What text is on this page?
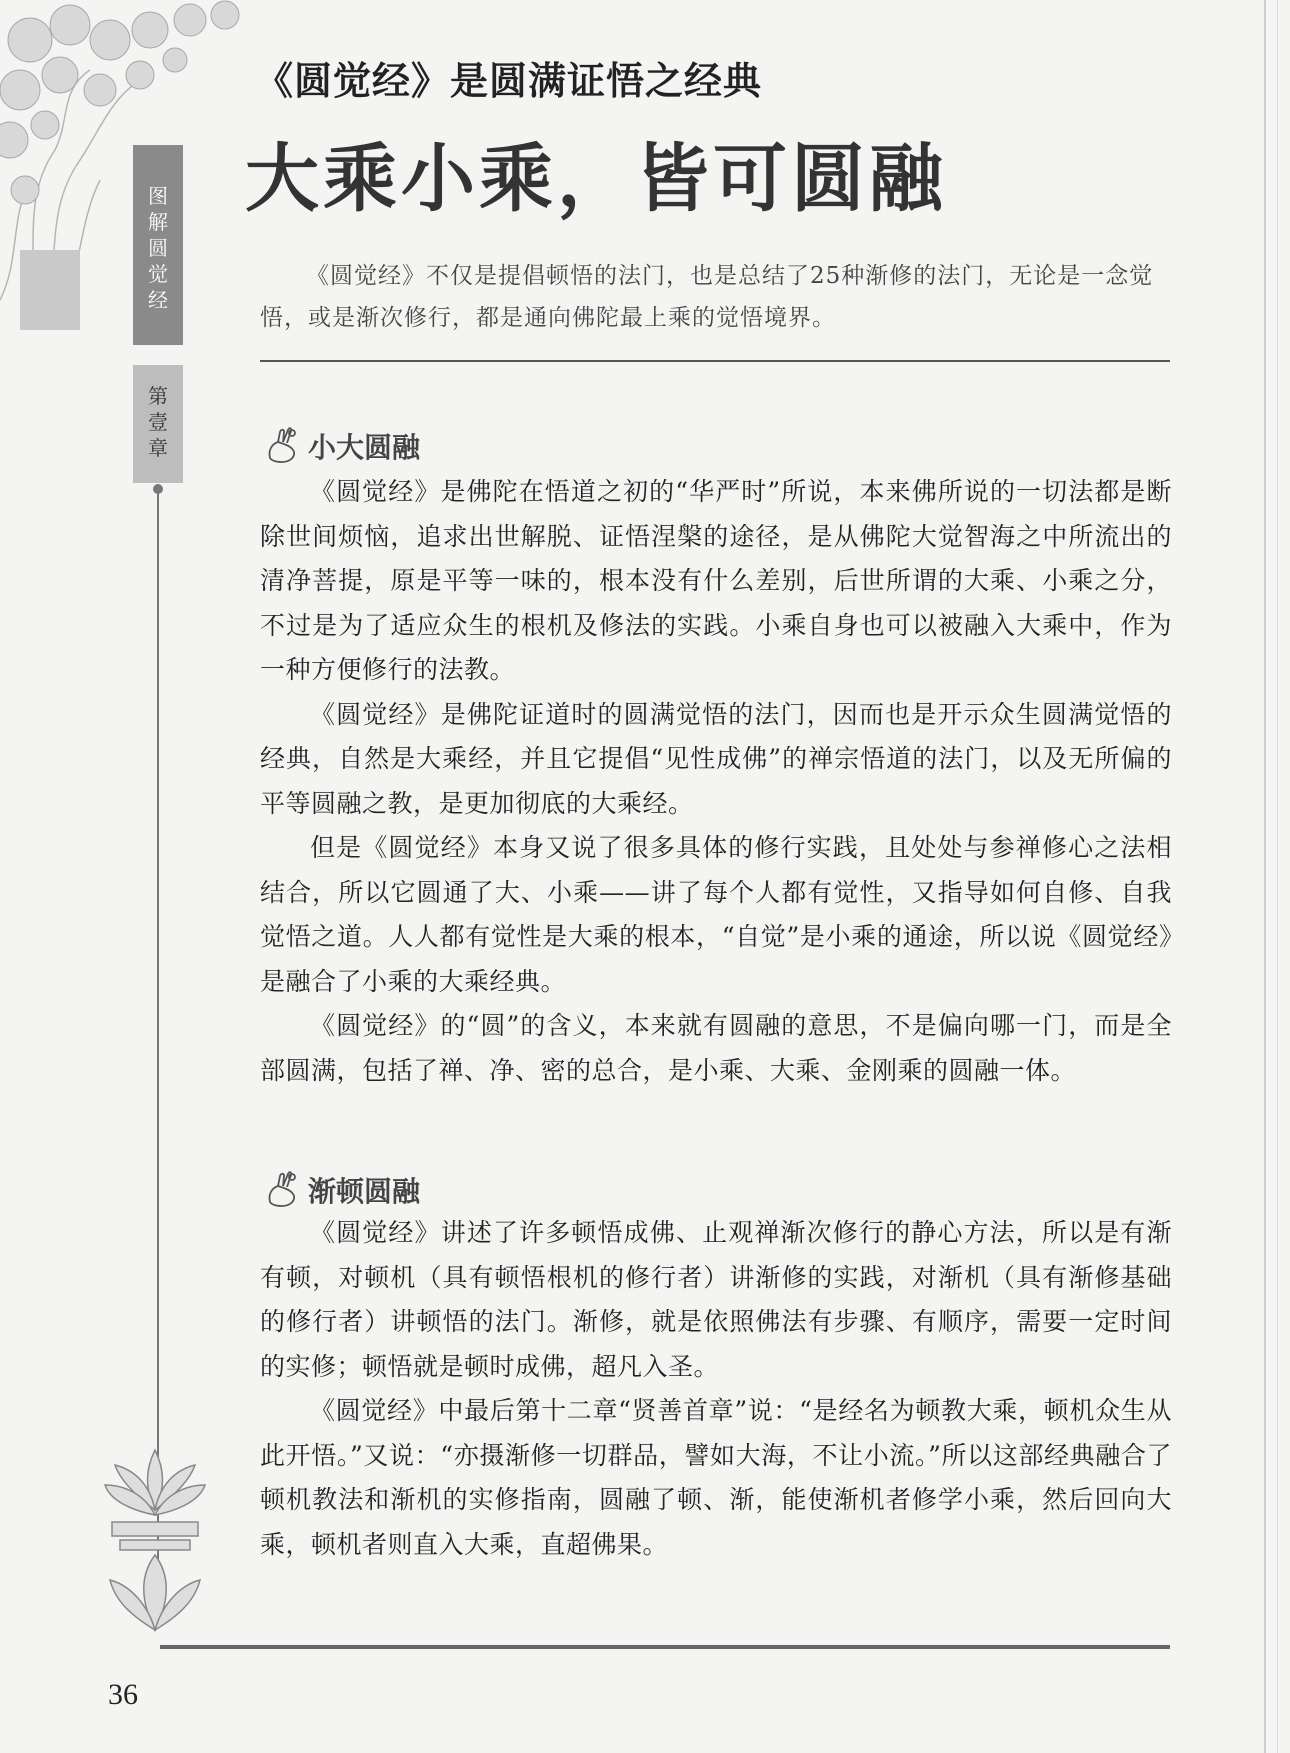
图
解
圆
觉
经
第
壹
章
《圆觉经》是圆满证悟之经典
大乘小乘，皆可圆融
《圆觉经》不仅是提倡顿悟的法门，也是总结了25种渐修的法门，无论是一念觉悟，或是渐次修行，都是通向佛陀最上乘的觉悟境界。
小大圆融

《圆觉经》是佛陀在悟道之初的“华严时”所说，本来佛所说的一切法都是断除世间烦恼，追求出世解脱、证悟涅槃的途径，是从佛陀大觉智海之中所流出的清净菩提，原是平等一味的，根本没有什么差别，后世所谓的大乘、小乘之分，不过是为了适应众生的根机及修法的实践。小乘自身也可以被融入大乘中，作为一种方便修行的法教。

《圆觉经》是佛陀证道时的圆满觉悟的法门，因而也是开示众生圆满觉悟的经典，自然是大乘经，并且它提倡“见性成佛”的禅宗悟道的法门，以及无所偏的平等圆融之教，是更加彻底的大乘经。

但是《圆觉经》本身又说了很多具体的修行实践，且处处与参禅修心之法相结合，所以它圆通了大、小乘——讲了每个人都有觉性，又指导如何自修、自我觉悟之道。人人都有觉性是大乘的根本，“自觉”是小乘的通途，所以说《圆觉经》是融合了小乘的大乘经典。

《圆觉经》的“圆”的含义，本来就有圆融的意思，不是偏向哪一门，而是全部圆满，包括了禅、净、密的总合，是小乘、大乘、金刚乘的圆融一体。

渐顿圆融

《圆觉经》讲述了许多顿悟成佛、止观禅渐次修行的静心方法，所以是有渐有顿，对顿机（具有顿悟根机的修行者）讲渐修的实践，对渐机（具有渐修基础的修行者）讲顿悟的法门。渐修，就是依照佛法有步骤、有顺序，需要一定时间的实修；顿悟就是顿时成佛，超凡入圣。

《圆觉经》中最后第十二章“贤善首章”说：“是经名为顿教大乘，顿机众生从此开悟。”又说：“亦摄渐修一切群品，譬如大海，不让小流。”所以这部经典融合了顿机教法和渐机的实修指南，圆融了顿、渐，能使渐机者修学小乘，然后回向大乘，顿机者则直入大乘，直超佛果。

36
